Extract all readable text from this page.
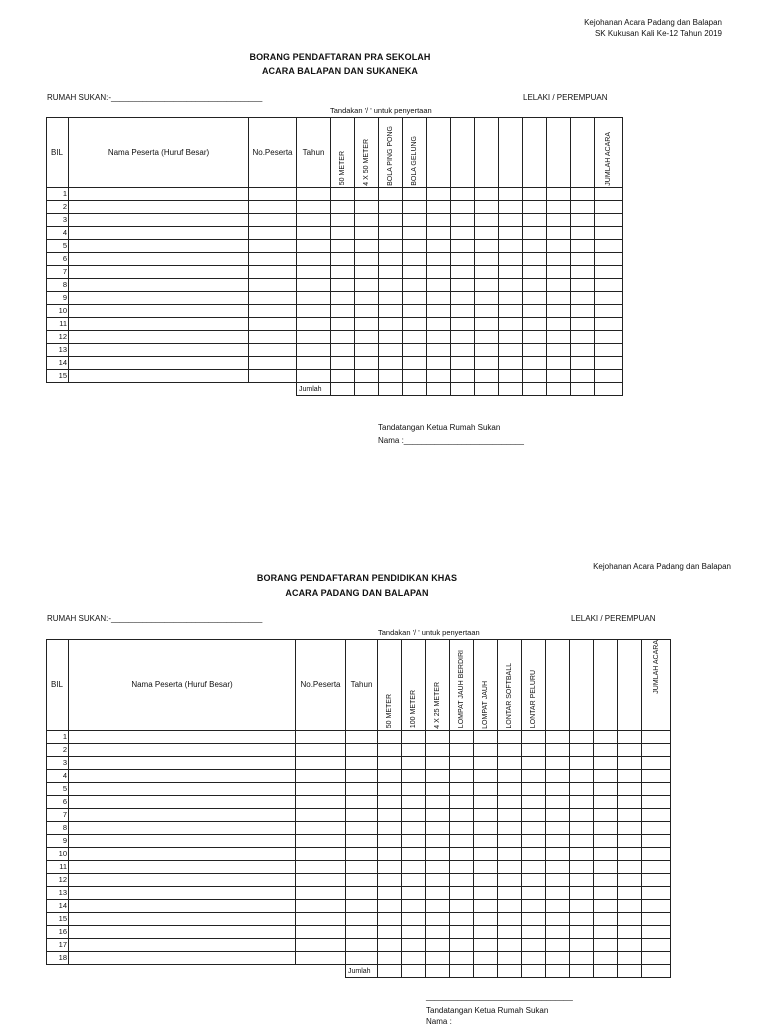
Kejohanan Acara Padang dan Balapan
SK Kukusan Kali Ke-12 Tahun 2019
BORANG PENDAFTARAN PRA SEKOLAH
ACARA BALAPAN DAN SUKANEKA
RUMAH SUKAN:-__________________________________	LELAKI / PEREMPUAN
Tandakan '/ ' untuk penyertaan
BIL	Nama Peserta (Huruf Besar)	No.Peserta	Tahun	50 METER	4 X 50 METER	BOLA PING PONG	BOLA GELUNG								JUMLAH ACARA
1															
2															
3															
4															
5															
6															
7															
8															
9															
10															
11															
12															
13															
14															
15															
			Jumlah												
Tandatangan Ketua Rumah Sukan
Nama :___________________________
Kejohanan Acara Padang dan Balapan
BORANG PENDAFTARAN PENDIDIKAN KHAS
ACARA PADANG DAN BALAPAN
RUMAH SUKAN:-__________________________________	LELAKI / PEREMPUAN
Tandakan '/ ' untuk penyertaan
BIL	Nama Peserta (Huruf Besar)	No.Peserta	Tahun	50 METER	100 METER	4 X 25 METER	LOMPAT JAUH BERDIRI	LOMPAT JAUH	LONTAR SOFTBALL	LONTAR PELURU					JUMLAH ACARA
1															
2															
3															
4															
5															
6															
7															
8															
9															
10															
11															
12															
13															
14															
15															
16															
17															
18															
			Jumlah												
_________________________________
Tandatangan Ketua Rumah Sukan
Nama :
